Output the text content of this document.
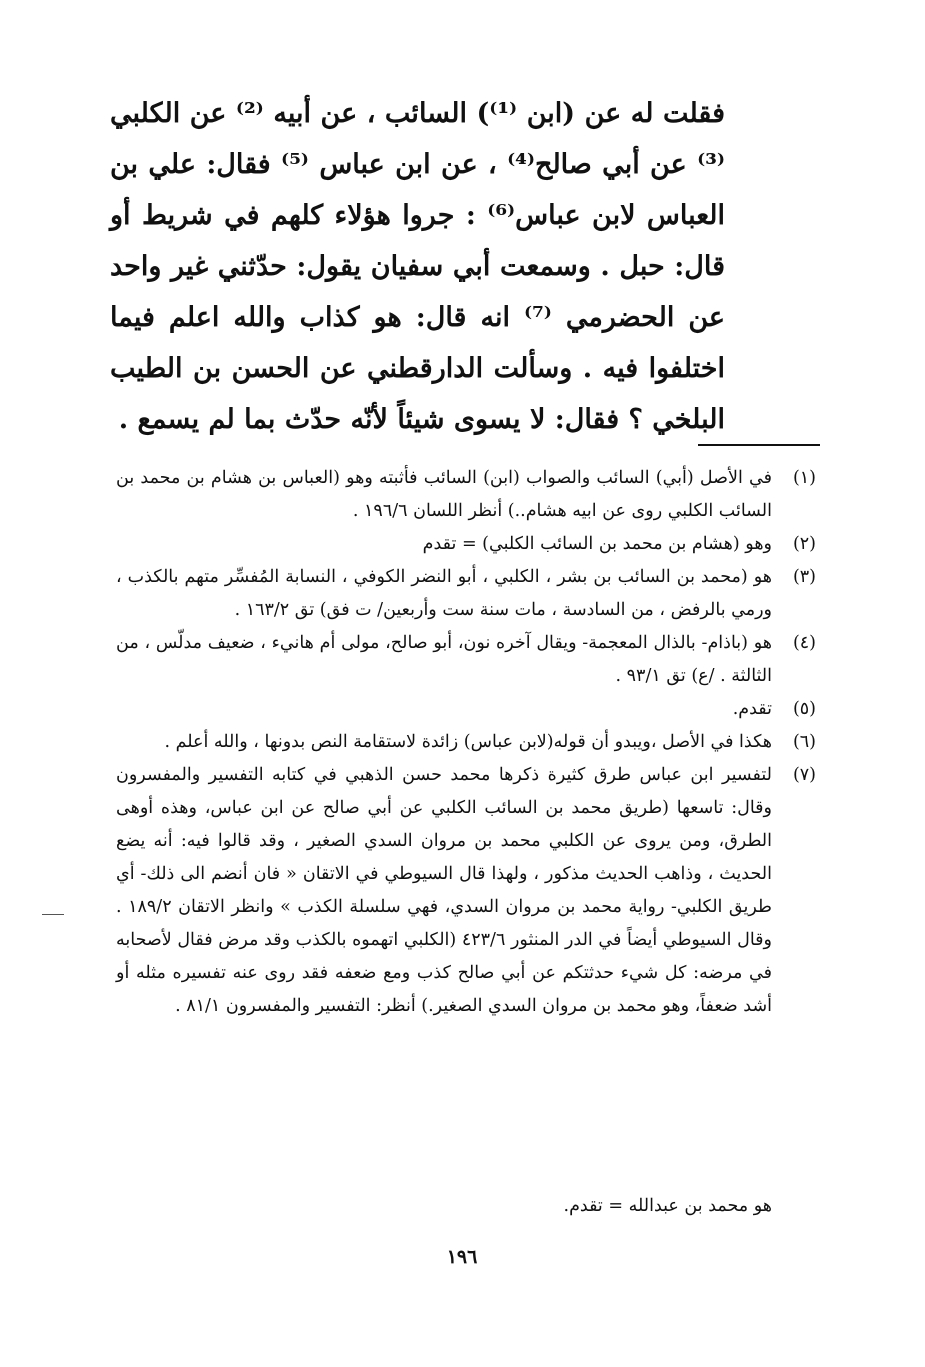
فقلت له عن (ابن ⁽¹⁾) السائب ، عن أبيه ⁽²⁾ عن الكلبي ⁽³⁾ عن أبي صالح⁽⁴⁾ ، عن ابن عباس ⁽⁵⁾ فقال: علي بن العباس لابن عباس⁽⁶⁾ : جروا هؤلاء كلهم في شريط أو قال: حبل . وسمعت أبي سفيان يقول: حدّثني غير واحد عن الحضرمي ⁽⁷⁾ انه قال: هو كذاب والله اعلم فيما اختلفوا فيه . وسألت الدارقطني عن الحسن بن الطيب البلخي ؟ فقال: لا يسوى شيئاً لأنّه حدّث بما لم يسمع .

(١)
في الأصل (أبي) السائب والصواب (ابن) السائب فأثبته وهو (العباس بن هشام بن محمد بن السائب الكلبي روى عن ابيه هشام..) أنظر اللسان ١٩٦/٦ .
(٢)
وهو (هشام بن محمد بن السائب الكلبي) = تقدم
(٣)
هو (محمد بن السائب بن بشر ، الكلبي ، أبو النضر الكوفي ، النسابة المُفسِّر متهم بالكذب ، ورمي بالرفض ، من السادسة ، مات سنة ست وأربعين/ ت فق) تق ١٦٣/٢ .
(٤)
هو (باذام- بالذال المعجمة- ويقال آخره نون، أبو صالح، مولى أم هانيء ، ضعيف مدلّس ، من الثالثة . /ع) تق ٩٣/١ .
(٥)
تقدم.
(٦)
هكذا في الأصل ،ويبدو أن قوله(لابن عباس) زائدة لاستقامة النص بدونها ، والله أعلم .
(٧)
لتفسير ابن عباس طرق كثيرة ذكرها محمد حسن الذهبي في كتابه التفسير والمفسرون وقال: تاسعها (طريق محمد بن السائب الكلبي عن أبي صالح عن ابن عباس، وهذه أوهى الطرق، ومن يروى عن الكلبي محمد بن مروان السدي الصغير ، وقد قالوا فيه: أنه يضع الحديث ، وذاهب الحديث مذكور ، ولهذا قال السيوطي في الاتقان « فان أنضم الى ذلك- أي طريق الكلبي- رواية محمد بن مروان السدي، فهي سلسلة الكذب » وانظر الاتقان ١٨٩/٢ . وقال السيوطي أيضاً في الدر المنثور ٤٢٣/٦ (الكلبي اتهموه بالكذب وقد مرض فقال لأصحابه في مرضه: كل شيء حدثتكم عن أبي صالح كذب ومع ضعفه فقد روى عنه تفسيره مثله أو أشد ضعفاً، وهو محمد بن مروان السدي الصغير.) أنظر: التفسير والمفسرون ٨١/١ .

هو محمد بن عبدالله = تقدم.

١٩٦
